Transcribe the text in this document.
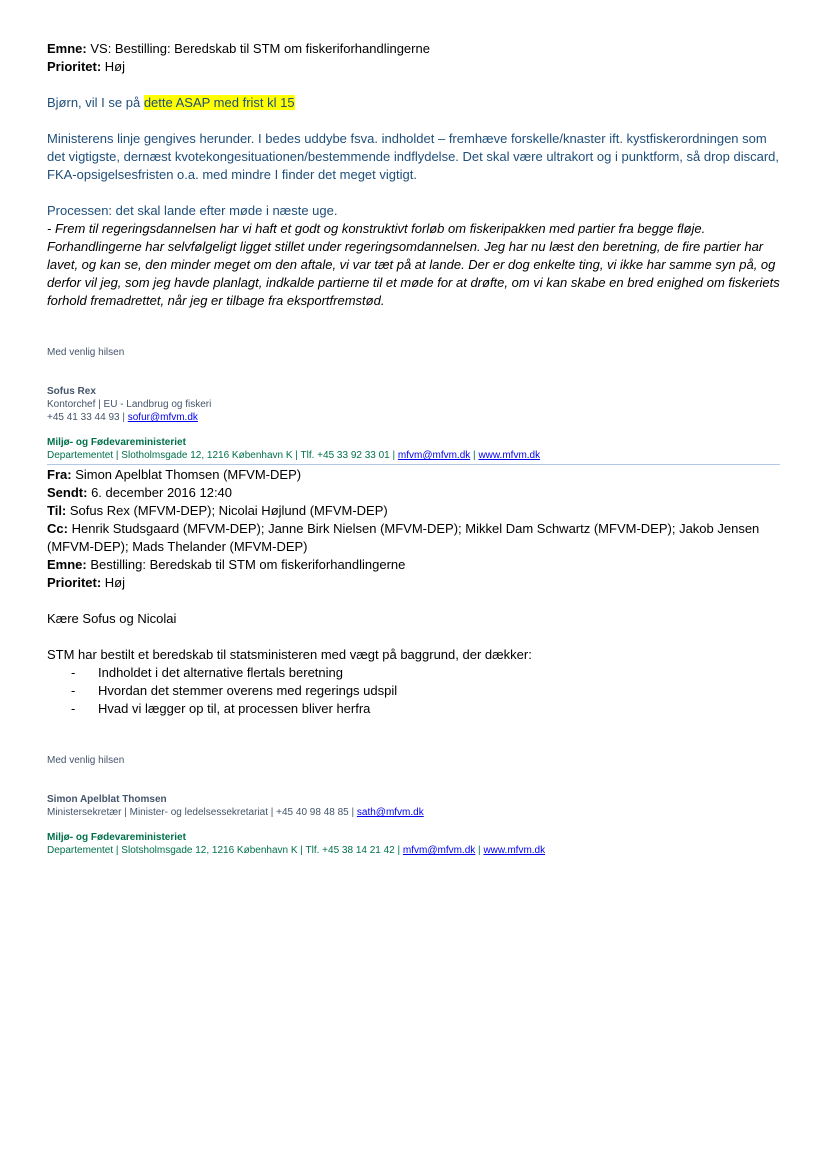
Emne: VS: Bestilling: Beredskab til STM om fiskeriforhandlingerne
Prioritet: Høj
Bjørn, vil I se på dette ASAP med frist kl 15
Ministerens linje gengives herunder. I bedes uddybe fsva. indholdet – fremhæve forskelle/knaster ift. kystfiskerordningen som det vigtigste, dernæst kvotekongesituationen/bestemmende indflydelse. Det skal være ultrakort og i punktform, så drop discard, FKA-opsigelsesfristen o.a. med mindre I finder det meget vigtigt.
Processen: det skal lande efter møde i næste uge.
- Frem til regeringsdannelsen har vi haft et godt og konstruktivt forløb om fiskeripakken med partier fra begge fløje. Forhandlingerne har selvfølgeligt ligget stillet under regeringsomdannelsen. Jeg har nu læst den beretning, de fire partier har lavet, og kan se, den minder meget om den aftale, vi var tæt på at lande. Der er dog enkelte ting, vi ikke har samme syn på, og derfor vil jeg, som jeg havde planlagt, indkalde partierne til et møde for at drøfte, om vi kan skabe en bred enighed om fiskeriets forhold fremadrettet, når jeg er tilbage fra eksportfremstød.
Med venlig hilsen
Sofus Rex
Kontorchef | EU - Landbrug og fiskeri
+45 41 33 44 93 | sofur@mfvm.dk
Miljø- og Fødevareministeriet
Departementet | Slotholmsgade 12, 1216 København K | Tlf. +45 33 92 33 01 | mfvm@mfvm.dk | www.mfvm.dk
Fra: Simon Apelblat Thomsen (MFVM-DEP)
Sendt: 6. december 2016 12:40
Til: Sofus Rex (MFVM-DEP); Nicolai Højlund (MFVM-DEP)
Cc: Henrik Studsgaard (MFVM-DEP); Janne Birk Nielsen (MFVM-DEP); Mikkel Dam Schwartz (MFVM-DEP); Jakob Jensen
(MFVM-DEP); Mads Thelander (MFVM-DEP)
Emne: Bestilling: Beredskab til STM om fiskeriforhandlingerne
Prioritet: Høj
Kære Sofus og Nicolai
STM har bestilt et beredskab til statsministeren med vægt på baggrund, der dækker:
- Indholdet i det alternative flertals beretning
- Hvordan det stemmer overens med regerings udspil
- Hvad vi lægger op til, at processen bliver herfra
Med venlig hilsen
Simon Apelblat Thomsen
Ministersekretær | Minister- og ledelsessekretariat | +45 40 98 48 85 | sath@mfvm.dk
Miljø- og Fødevareministeriet
Departementet | Slotsholmsgade 12, 1216 København K | Tlf. +45 38 14 21 42 | mfvm@mfvm.dk | www.mfvm.dk
